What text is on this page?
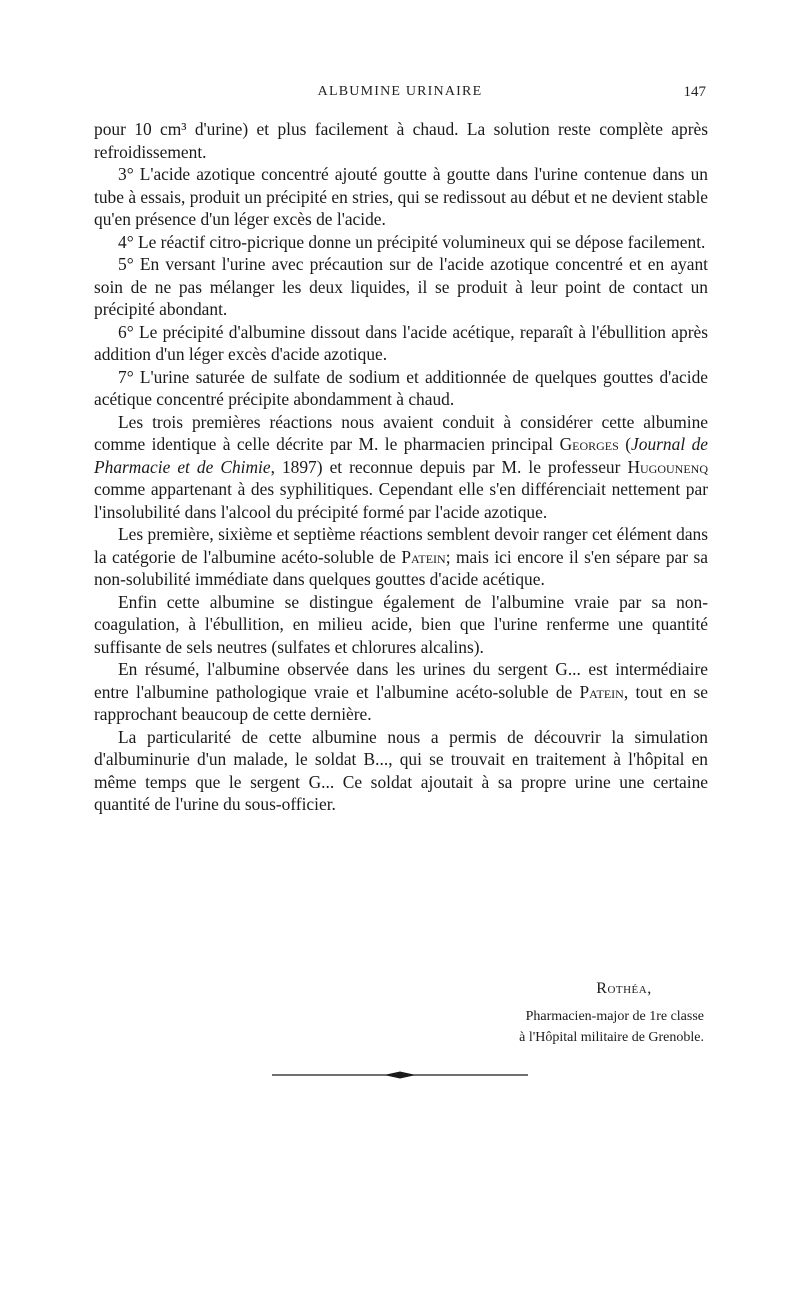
ALBUMINE URINAIRE	147

pour 10 cm³ d'urine) et plus facilement à chaud. La solution reste complète après refroidissement.

3° L'acide azotique concentré ajouté goutte à goutte dans l'urine contenue dans un tube à essais, produit un précipité en stries, qui se redissout au début et ne devient stable qu'en présence d'un léger excès de l'acide.

4° Le réactif citro-picrique donne un précipité volumineux qui se dépose facilement.

5° En versant l'urine avec précaution sur de l'acide azotique concentré et en ayant soin de ne pas mélanger les deux liquides, il se produit à leur point de contact un précipité abondant.

6° Le précipité d'albumine dissout dans l'acide acétique, reparaît à l'ébullition après addition d'un léger excès d'acide azotique.

7° L'urine saturée de sulfate de sodium et additionnée de quelques gouttes d'acide acétique concentré précipite abondamment à chaud.

Les trois premières réactions nous avaient conduit à considérer cette albumine comme identique à celle décrite par M. le pharmacien principal Georges (Journal de Pharmacie et de Chimie, 1897) et reconnue depuis par M. le professeur Hugounenq comme appartenant à des syphilitiques. Cependant elle s'en différenciait nettement par l'insolubilité dans l'alcool du précipité formé par l'acide azotique.

Les première, sixième et septième réactions semblent devoir ranger cet élément dans la catégorie de l'albumine acéto-soluble de Patein; mais ici encore il s'en sépare par sa non-solubilité immédiate dans quelques gouttes d'acide acétique.

Enfin cette albumine se distingue également de l'albumine vraie par sa non-coagulation, à l'ébullition, en milieu acide, bien que l'urine renferme une quantité suffisante de sels neutres (sulfates et chlorures alcalins).

En résumé, l'albumine observée dans les urines du sergent G... est intermédiaire entre l'albumine pathologique vraie et l'albumine acéto-soluble de Patein, tout en se rapprochant beaucoup de cette dernière.

La particularité de cette albumine nous a permis de découvrir la simulation d'albuminurie d'un malade, le soldat B..., qui se trouvait en traitement à l'hôpital en même temps que le sergent G... Ce soldat ajoutait à sa propre urine une certaine quantité de l'urine du sous-officier.

Rothéa,
Pharmacien-major de 1re classe
à l'Hôpital militaire de Grenoble.
